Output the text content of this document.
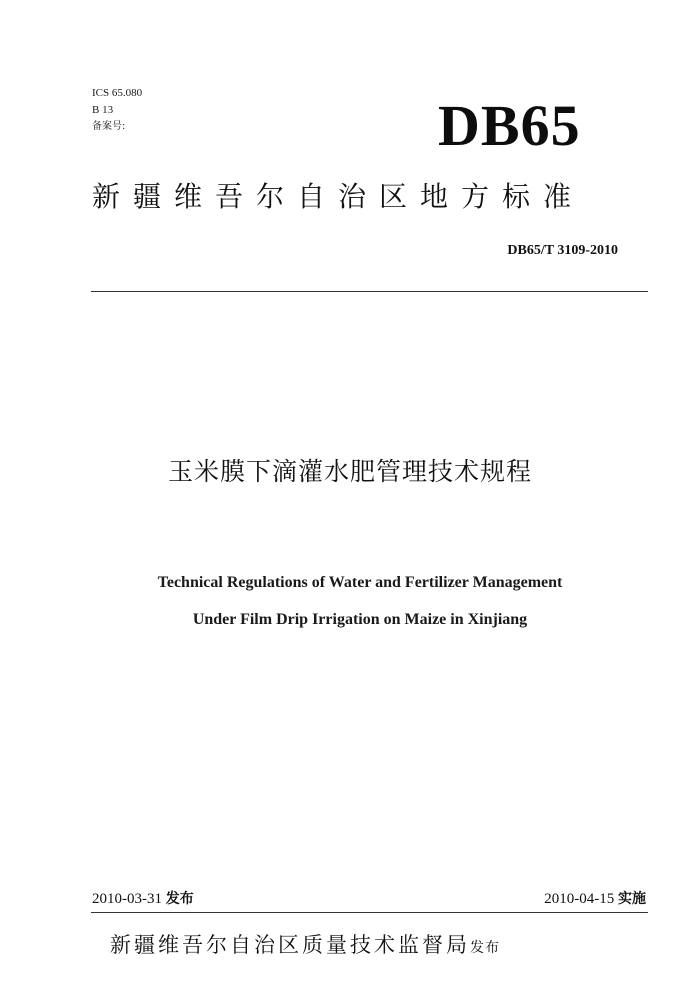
ICS 65.080
B 13
备案号:	DB65
新疆维吾尔自治区地方标准
DB65/T 3109-2010
玉米膜下滴灌水肥管理技术规程
Technical Regulations of Water and Fertilizer Management
Under Film Drip Irrigation on Maize in Xinjiang
2010-03-31 发布	2010-04-15 实施
新疆维吾尔自治区质量技术监督局发布
